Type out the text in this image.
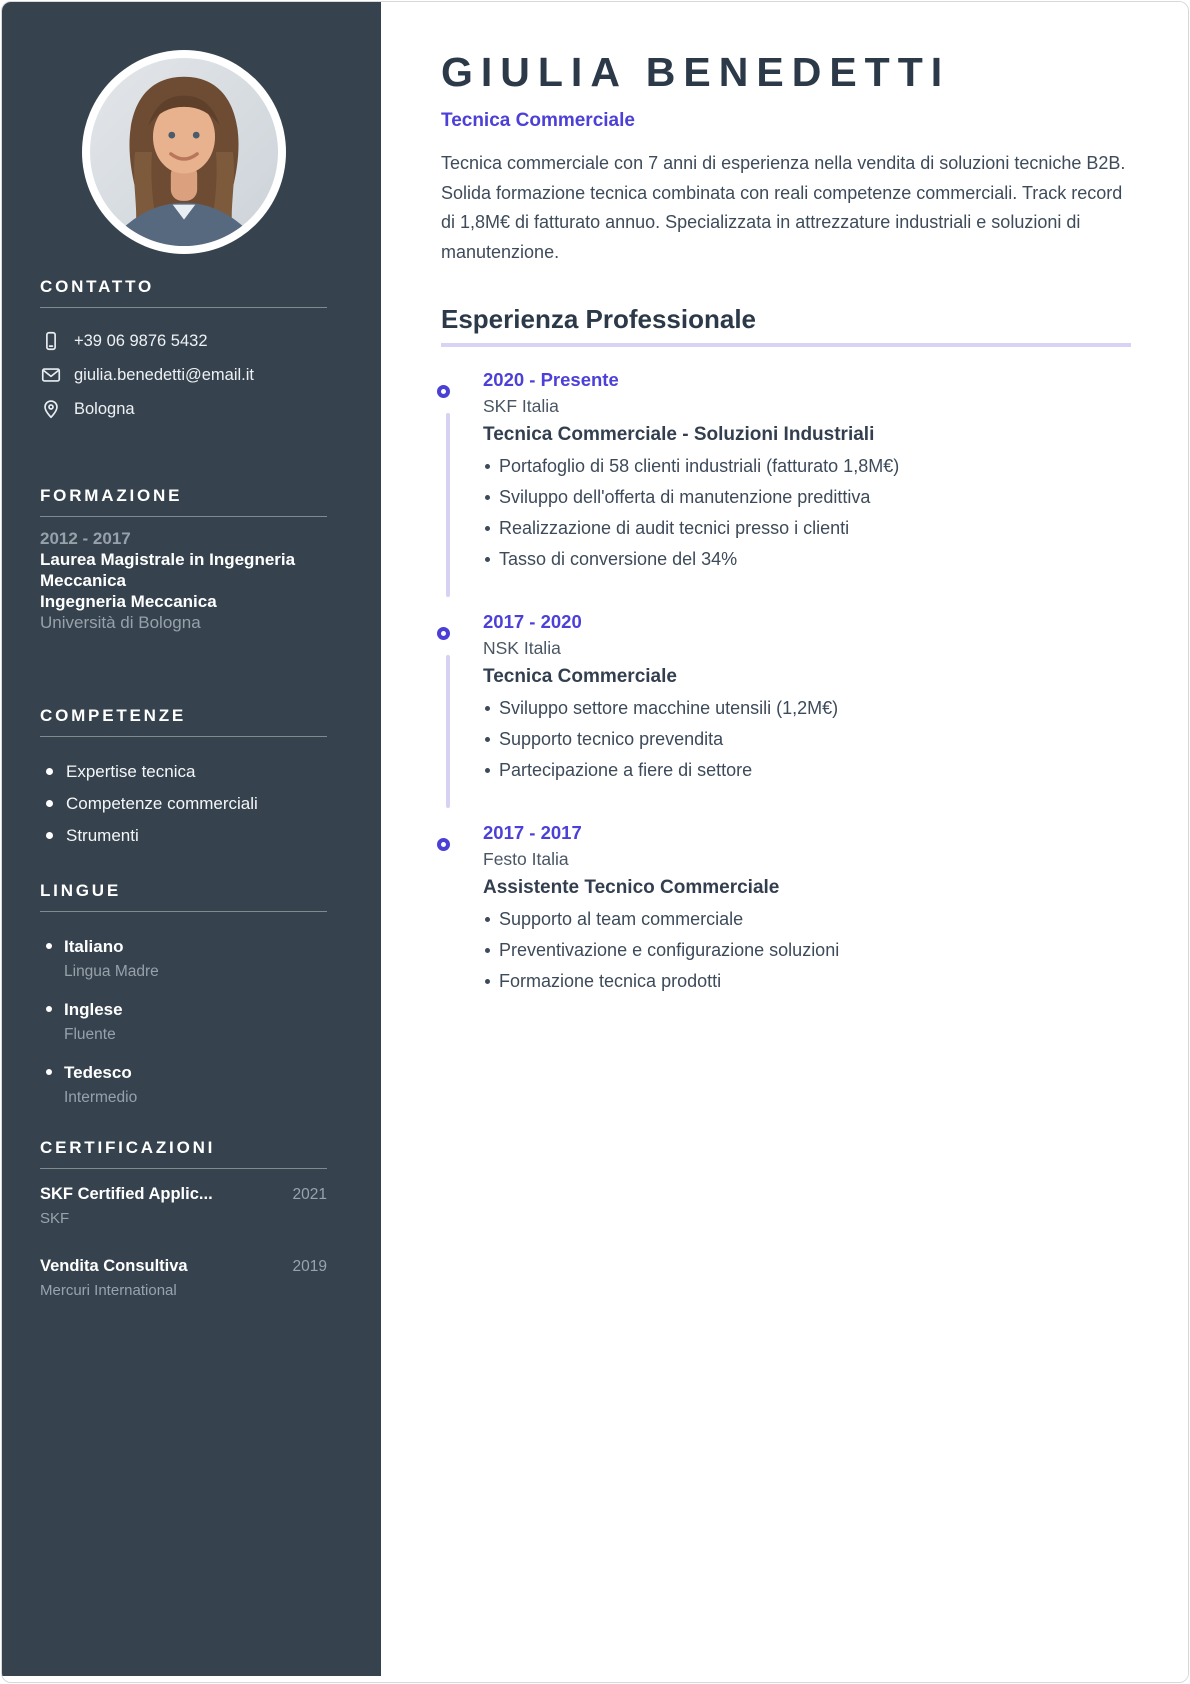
CONTATTO
+39 06 9876 5432
giulia.benedetti@email.it
Bologna
FORMAZIONE

2012 - 2017

Laurea Magistrale in Ingegneria Meccanica

Ingegneria Meccanica

Università di Bologna

COMPETENZE
Expertise tecnica
Competenze commerciali
Strumenti
LINGUE
Italiano
Lingua Madre
Inglese
Fluente
Tedesco
Intermedio
CERTIFICAZIONI
SKF Certified Applic...	2021
SKF
Vendita Consultiva	2019
Mercuri International
GIULIA BENEDETTI
Tecnica Commerciale

Tecnica commerciale con 7 anni di esperienza nella vendita di soluzioni tecniche B2B. Solida formazione tecnica combinata con reali competenze commerciali. Track record di 1,8M€ di fatturato annuo. Specializzata in attrezzature industriali e soluzioni di manutenzione.

Esperienza Professionale
2020 - Presente
SKF Italia
Tecnica Commerciale - Soluzioni Industriali
Portafoglio di 58 clienti industriali (fatturato 1,8M€)
Sviluppo dell'offerta di manutenzione predittiva
Realizzazione di audit tecnici presso i clienti
Tasso di conversione del 34%
2017 - 2020
NSK Italia
Tecnica Commerciale
Sviluppo settore macchine utensili (1,2M€)
Supporto tecnico prevendita
Partecipazione a fiere di settore
2017 - 2017
Festo Italia
Assistente Tecnico Commerciale
Supporto al team commerciale
Preventivazione e configurazione soluzioni
Formazione tecnica prodotti
